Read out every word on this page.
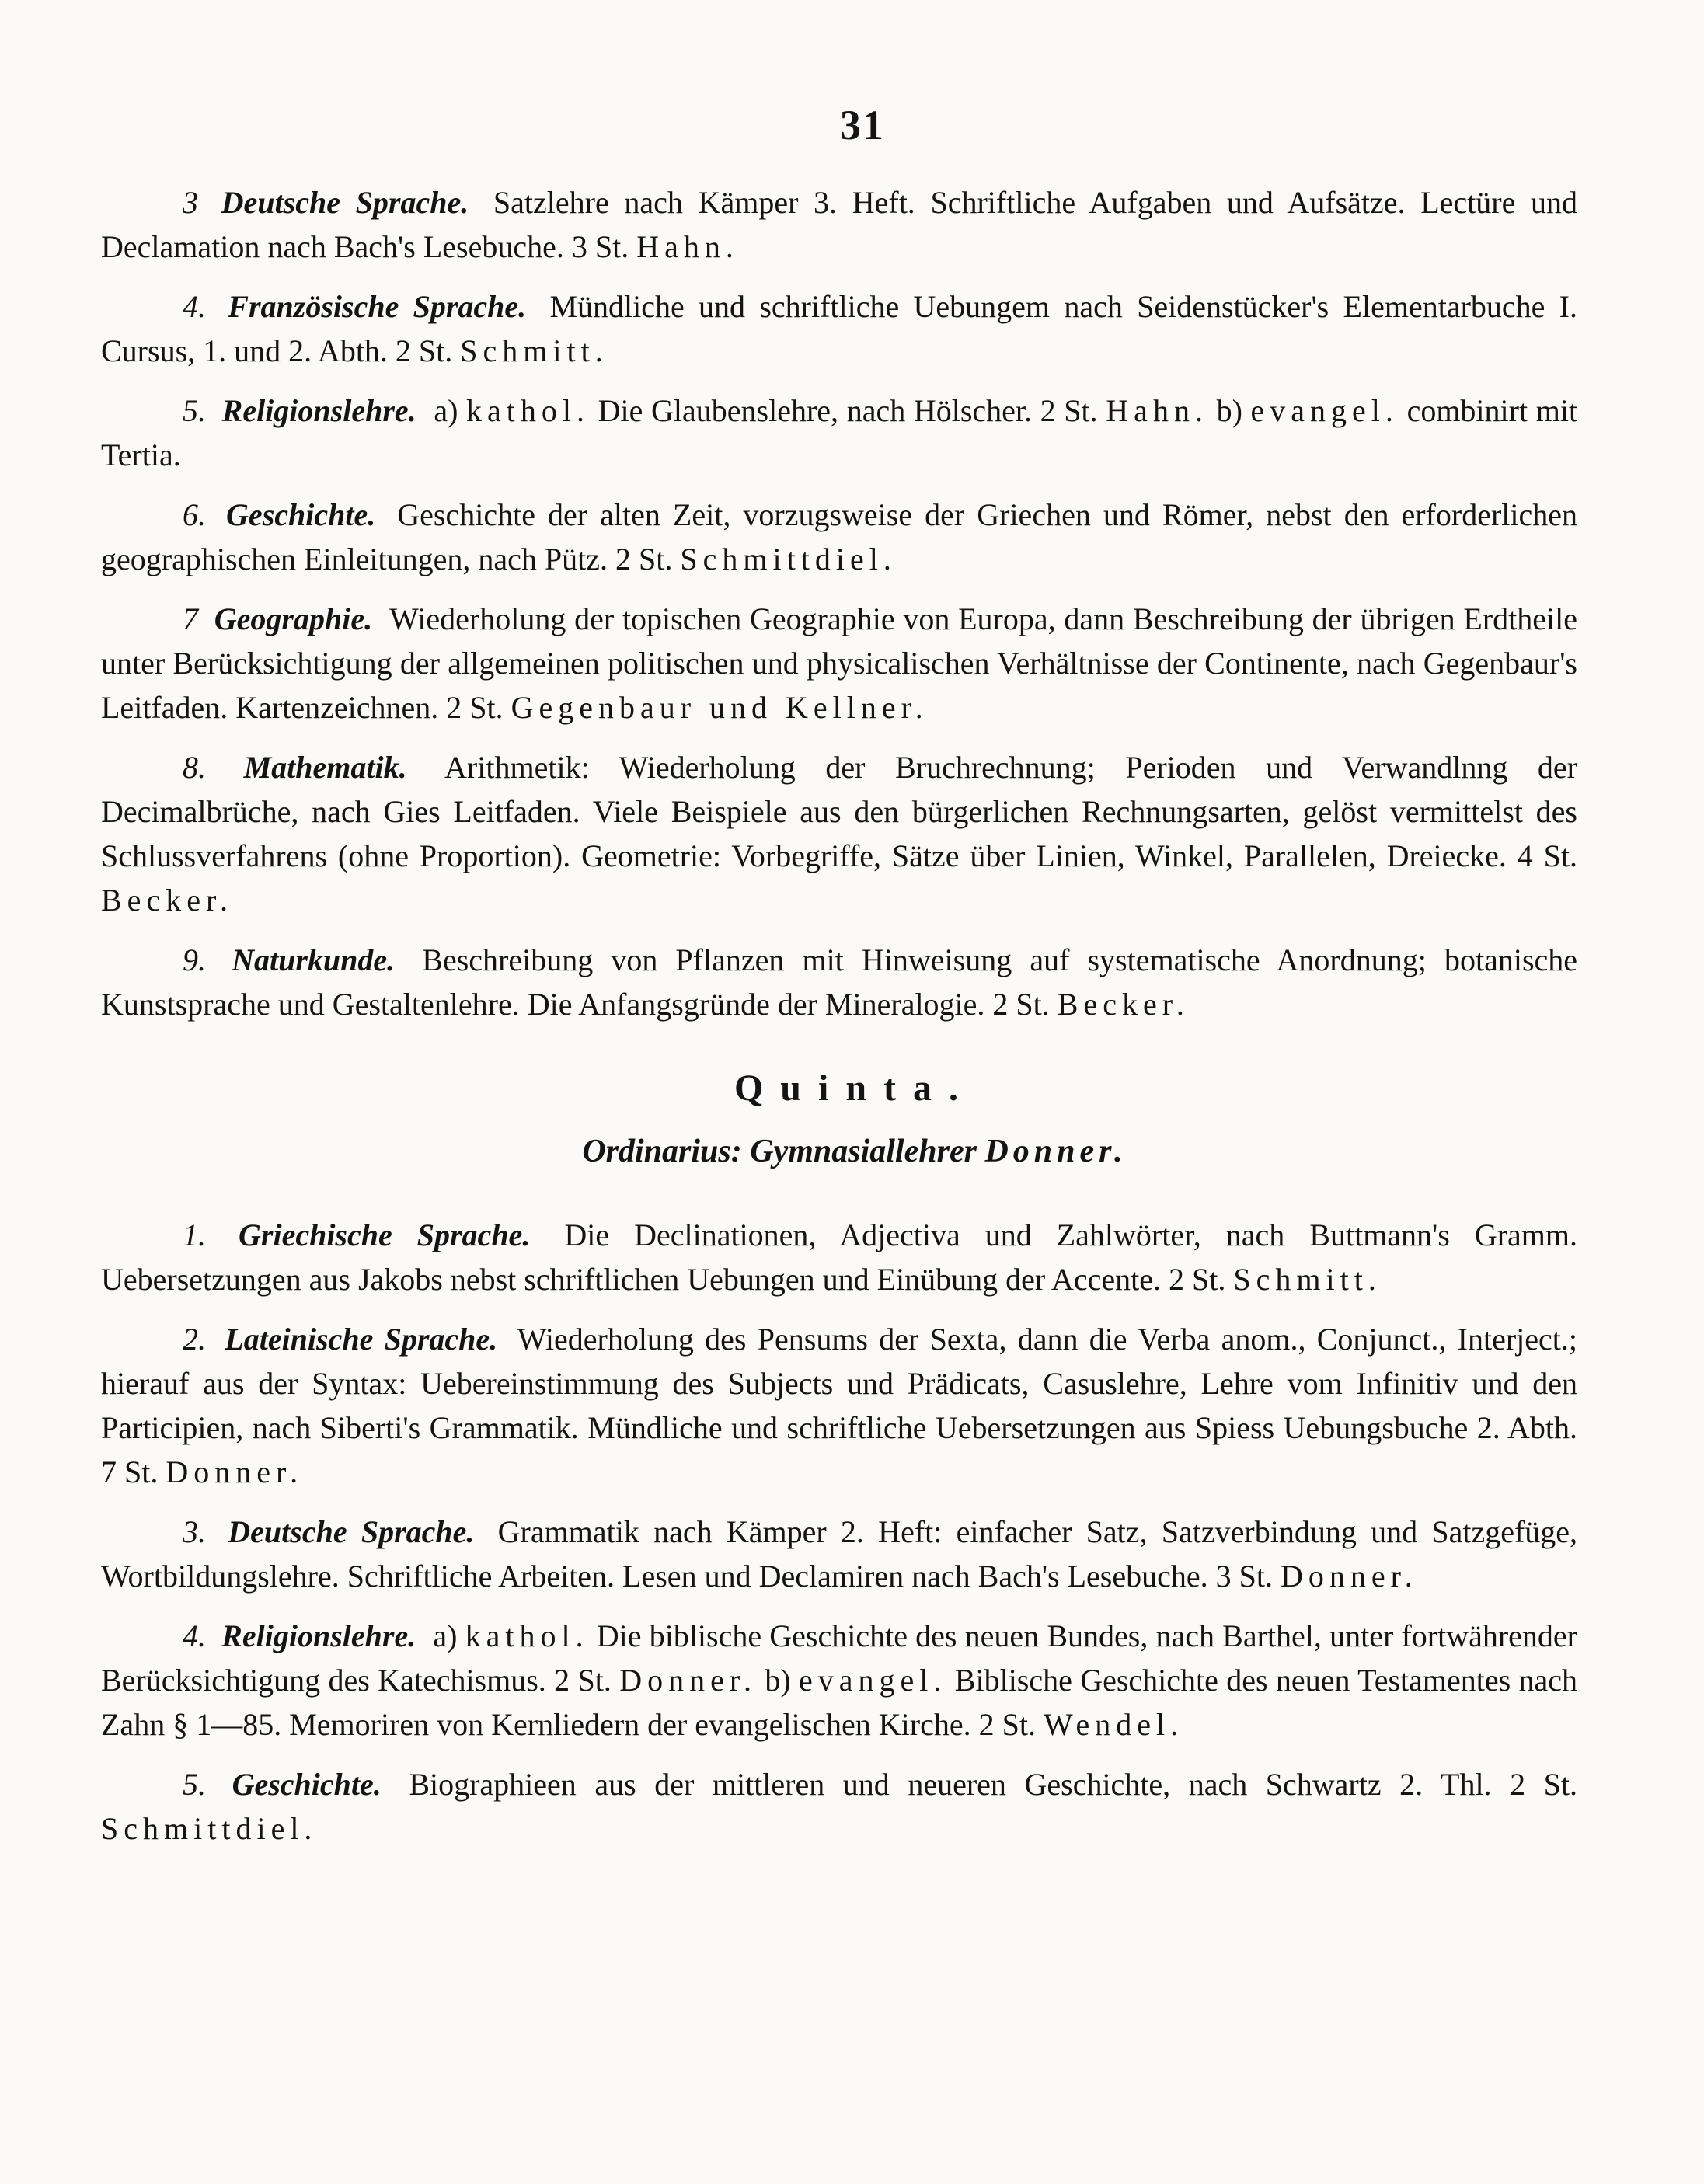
31

3 Deutsche Sprache. Satzlehre nach Kämper 3. Heft. Schriftliche Aufgaben und Aufsätze. Lectüre und Declamation nach Bach's Lesebuche. 3 St. Hahn.

4. Französische Sprache. Mündliche und schriftliche Uebungem nach Seidenstücker's Elementarbuche I. Cursus, 1. und 2. Abth. 2 St. Schmitt.

5. Religionslehre. a) kathol. Die Glaubenslehre, nach Hölscher. 2 St. Hahn. b) evangel. combinirt mit Tertia.

6. Geschichte. Geschichte der alten Zeit, vorzugsweise der Griechen und Römer, nebst den erforderlichen geographischen Einleitungen, nach Pütz. 2 St. Schmittdiel.

7 Geographie. Wiederholung der topischen Geographie von Europa, dann Beschreibung der übrigen Erdtheile unter Berücksichtigung der allgemeinen politischen und physicalischen Verhältnisse der Continente, nach Gegenbaur's Leitfaden. Kartenzeichnen. 2 St. Gegenbaur und Kellner.

8. Mathematik. Arithmetik: Wiederholung der Bruchrechnung; Perioden und Verwandlnng der Decimalbrüche, nach Gies Leitfaden. Viele Beispiele aus den bürgerlichen Rechnungsarten, gelöst vermittelst des Schlussverfahrens (ohne Proportion). Geometrie: Vorbegriffe, Sätze über Linien, Winkel, Parallelen, Dreiecke. 4 St. Becker.

9. Naturkunde. Beschreibung von Pflanzen mit Hinweisung auf systematische Anordnung; botanische Kunstsprache und Gestaltenlehre. Die Anfangsgründe der Mineralogie. 2 St. Becker.

Quinta.
Ordinarius: Gymnasiallehrer Donner.

1. Griechische Sprache. Die Declinationen, Adjectiva und Zahlwörter, nach Buttmann's Gramm. Uebersetzungen aus Jakobs nebst schriftlichen Uebungen und Einübung der Accente. 2 St. Schmitt.

2. Lateinische Sprache. Wiederholung des Pensums der Sexta, dann die Verba anom., Conjunct., Interject.; hierauf aus der Syntax: Uebereinstimmung des Subjects und Prädicats, Casuslehre, Lehre vom Infinitiv und den Participien, nach Siberti's Grammatik. Mündliche und schriftliche Uebersetzungen aus Spiess Uebungsbuche 2. Abth. 7 St. Donner.

3. Deutsche Sprache. Grammatik nach Kämper 2. Heft: einfacher Satz, Satzverbindung und Satzgefüge, Wortbildungslehre. Schriftliche Arbeiten. Lesen und Declamiren nach Bach's Lesebuche. 3 St. Donner.

4. Religionslehre. a) kathol. Die biblische Geschichte des neuen Bundes, nach Barthel, unter fortwährender Berücksichtigung des Katechismus. 2 St. Donner. b) evangel. Biblische Geschichte des neuen Testamentes nach Zahn § 1—85. Memoriren von Kernliedern der evangelischen Kirche. 2 St. Wendel.

5. Geschichte. Biographieen aus der mittleren und neueren Geschichte, nach Schwartz 2. Thl. 2 St. Schmittdiel.
